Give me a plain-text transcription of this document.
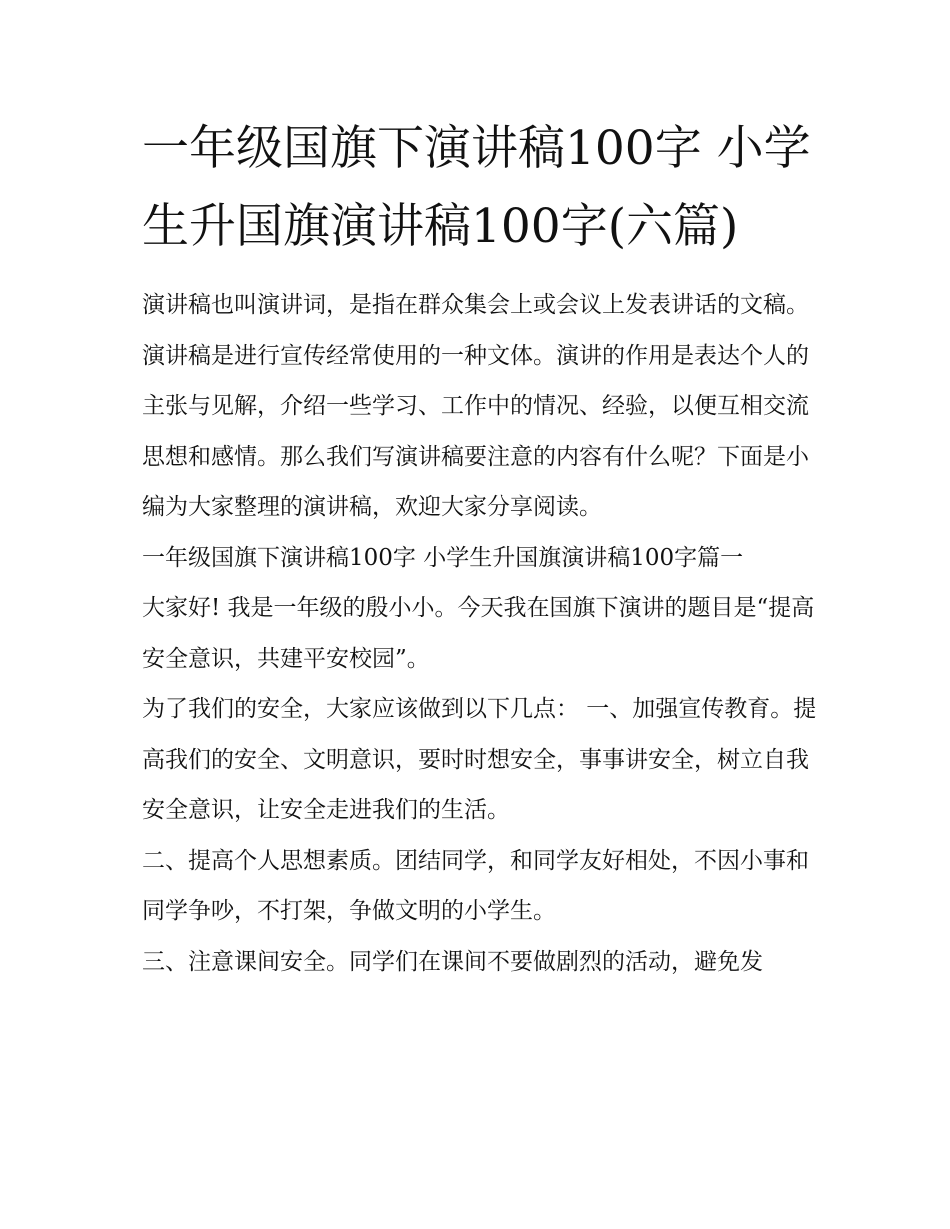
一年级国旗下演讲稿100字 小学生升国旗演讲稿100字(六篇)

演讲稿也叫演讲词，是指在群众集会上或会议上发表讲话的文稿。演讲稿是进行宣传经常使用的一种文体。演讲的作用是表达个人的主张与见解，介绍一些学习、工作中的情况、经验，以便互相交流思想和感情。那么我们写演讲稿要注意的内容有什么呢？下面是小编为大家整理的演讲稿，欢迎大家分享阅读。

一年级国旗下演讲稿100字 小学生升国旗演讲稿100字篇一

大家好! 我是一年级的殷小小。今天我在国旗下演讲的题目是“提高安全意识，共建平安校园”。

为了我们的安全，大家应该做到以下几点： 一、加强宣传教育。提高我们的安全、文明意识，要时时想安全，事事讲安全，树立自我安全意识，让安全走进我们的生活。

二、提高个人思想素质。团结同学，和同学友好相处，不因小事和同学争吵，不打架，争做文明的小学生。

三、注意课间安全。同学们在课间不要做剧烈的活动，避免发
